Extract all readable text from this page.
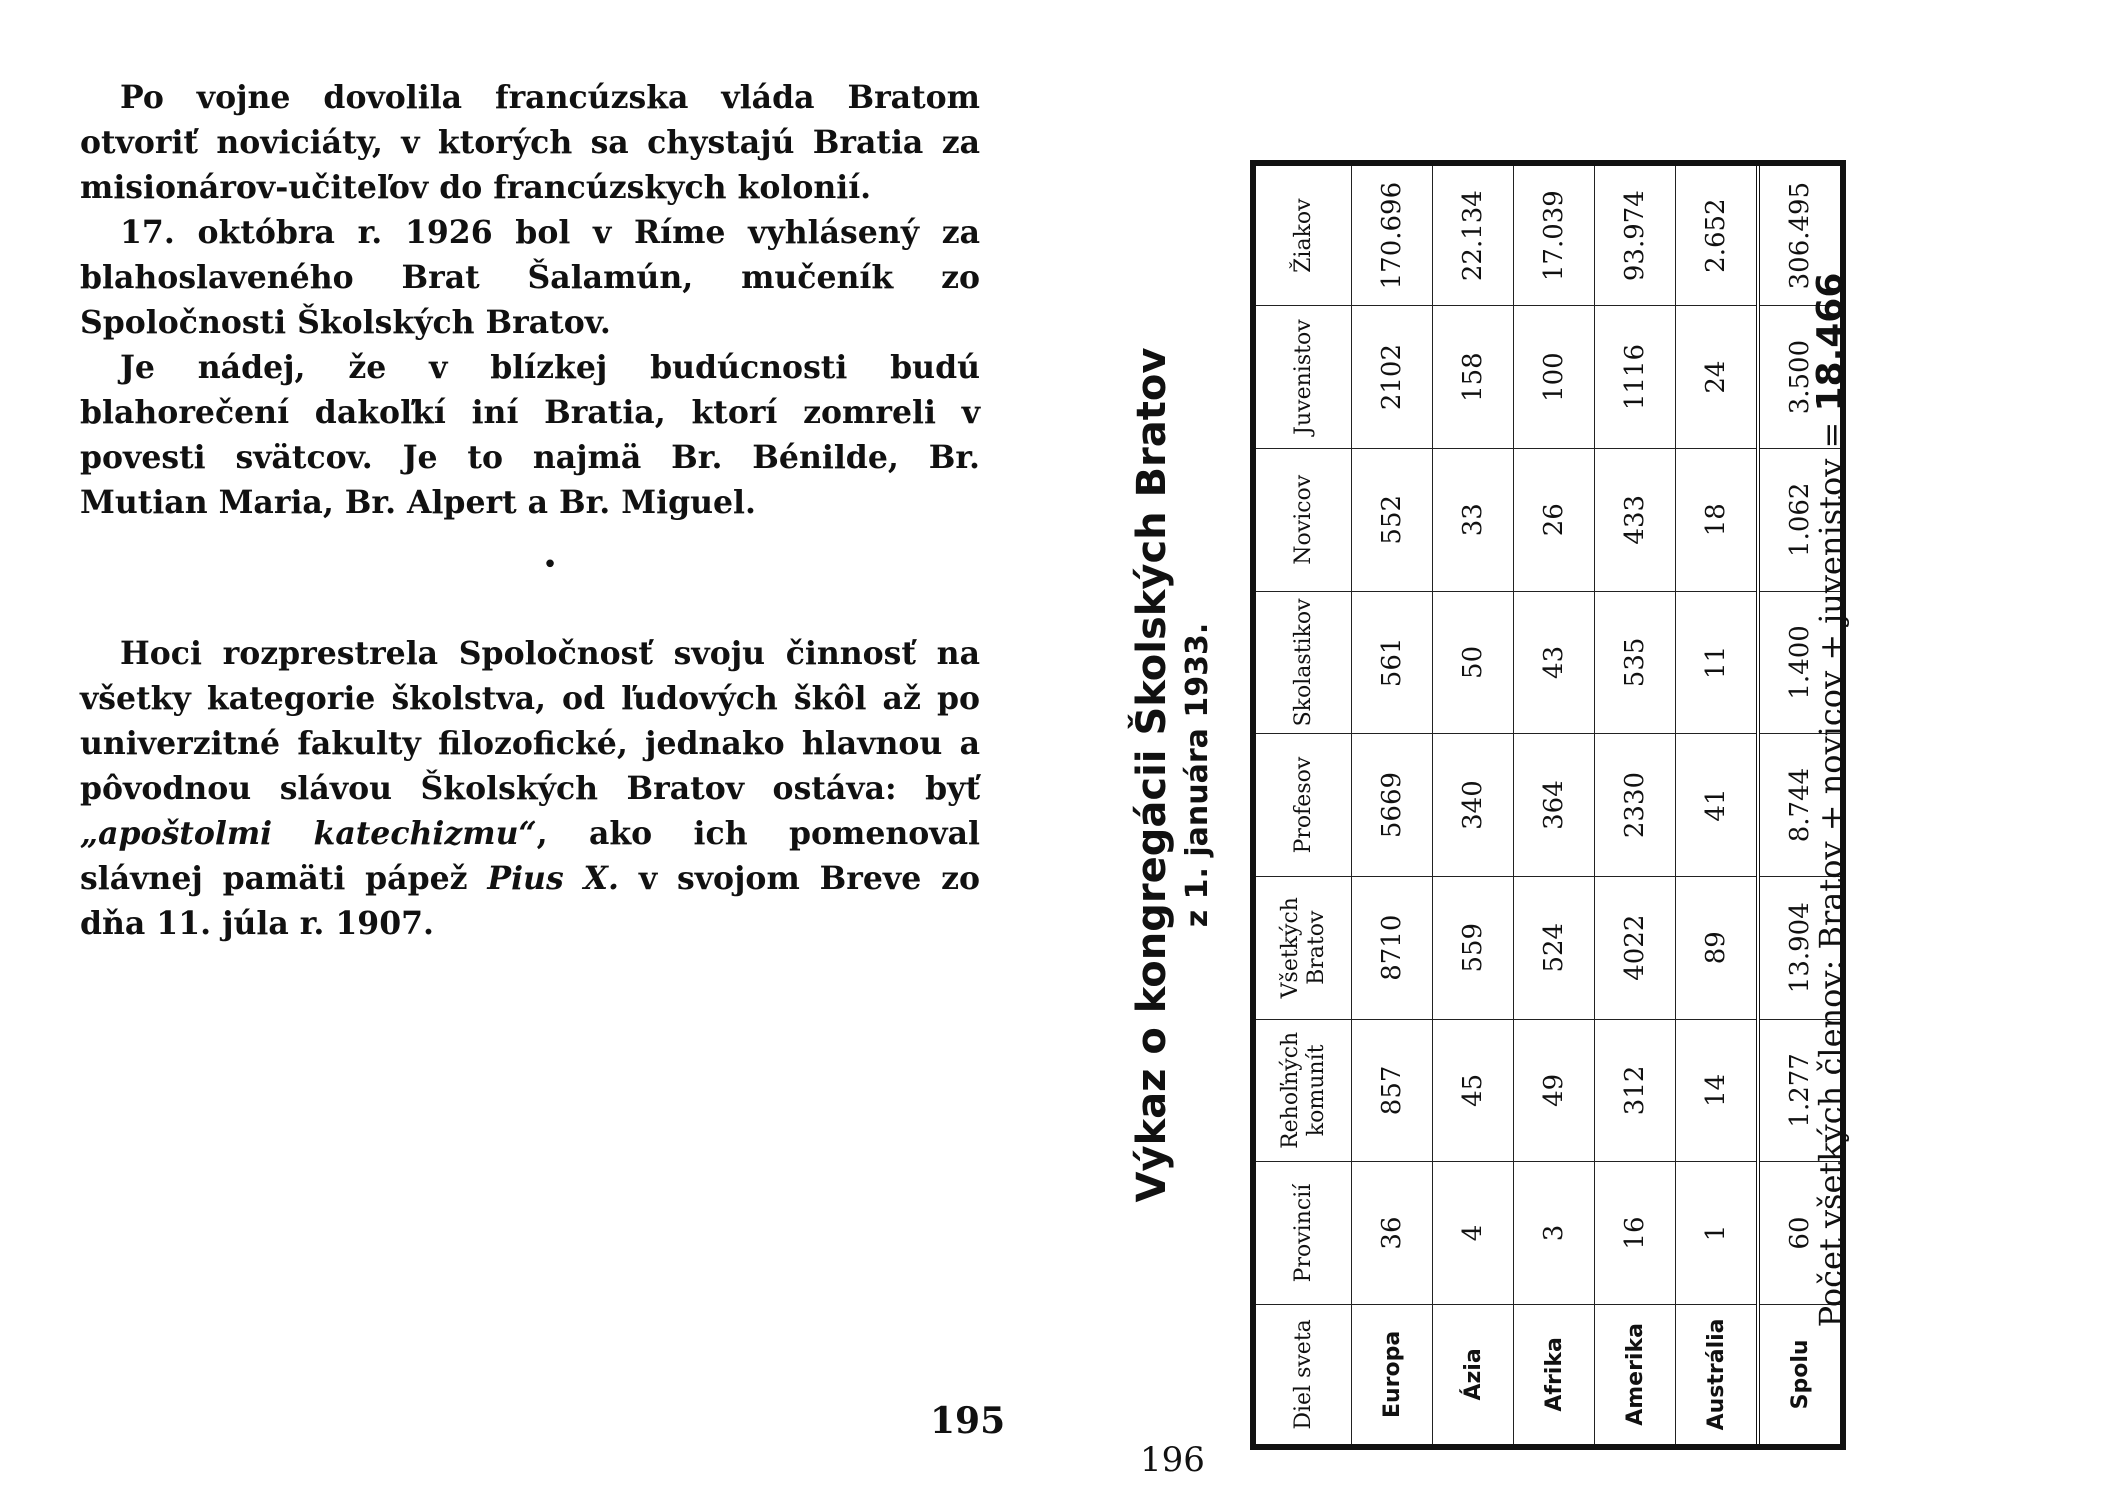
Po vojne dovolila francúzska vláda Bratom otvoriť noviciáty, v ktorých sa chystajú Bratia za misionárov-učiteľov do francúzskych kolonií.

17. októbra r. 1926 bol v Ríme vyhlásený za blahoslaveného Brat Šalamún, mučeník zo Spoločnosti Školských Bratov.

Je nádej, že v blízkej budúcnosti budú blahorečení dakoľkí iní Bratia, ktorí zomreli v povesti svätcov. Je to najmä Br. Bénilde, Br. Mutian Maria, Br. Alpert a Br. Miguel.

•

Hoci rozprestrela Spoločnosť svoju činnosť na všetky kategorie školstva, od ľudových škôl až po univerzitné fakulty filozofické, jednako hlavnou a pôvodnou slávou Školských Bratov ostáva: byť „apoštolmi katechizmu“, ako ich pomenoval slávnej pamäti pápež Pius X. v svojom Breve zo dňa 11. júla r. 1907.

195
Výkaz o kongregácii Školských Bratov z 1. januára 1933.
Diel sveta	Provincií	Rehoľných komunít	Všetkých Bratov	Profesov	Skolastikov	Novicov	Juvenistov	Žiakov
Europa	36	857	8710	5669	561	552	2102	170.696
Ázia	4	45	559	340	50	33	158	22.134
Afrika	3	49	524	364	43	26	100	17.039
Amerika	16	312	4022	2330	535	433	1116	93.974
Austrália	1	14	89	41	11	18	24	2.652
Spolu	60	1.277	13.904	8.744	1.400	1.062	3.500	306.495
Počet všetkých členov: Bratov + novicov + juvenistov = 18.466
196
